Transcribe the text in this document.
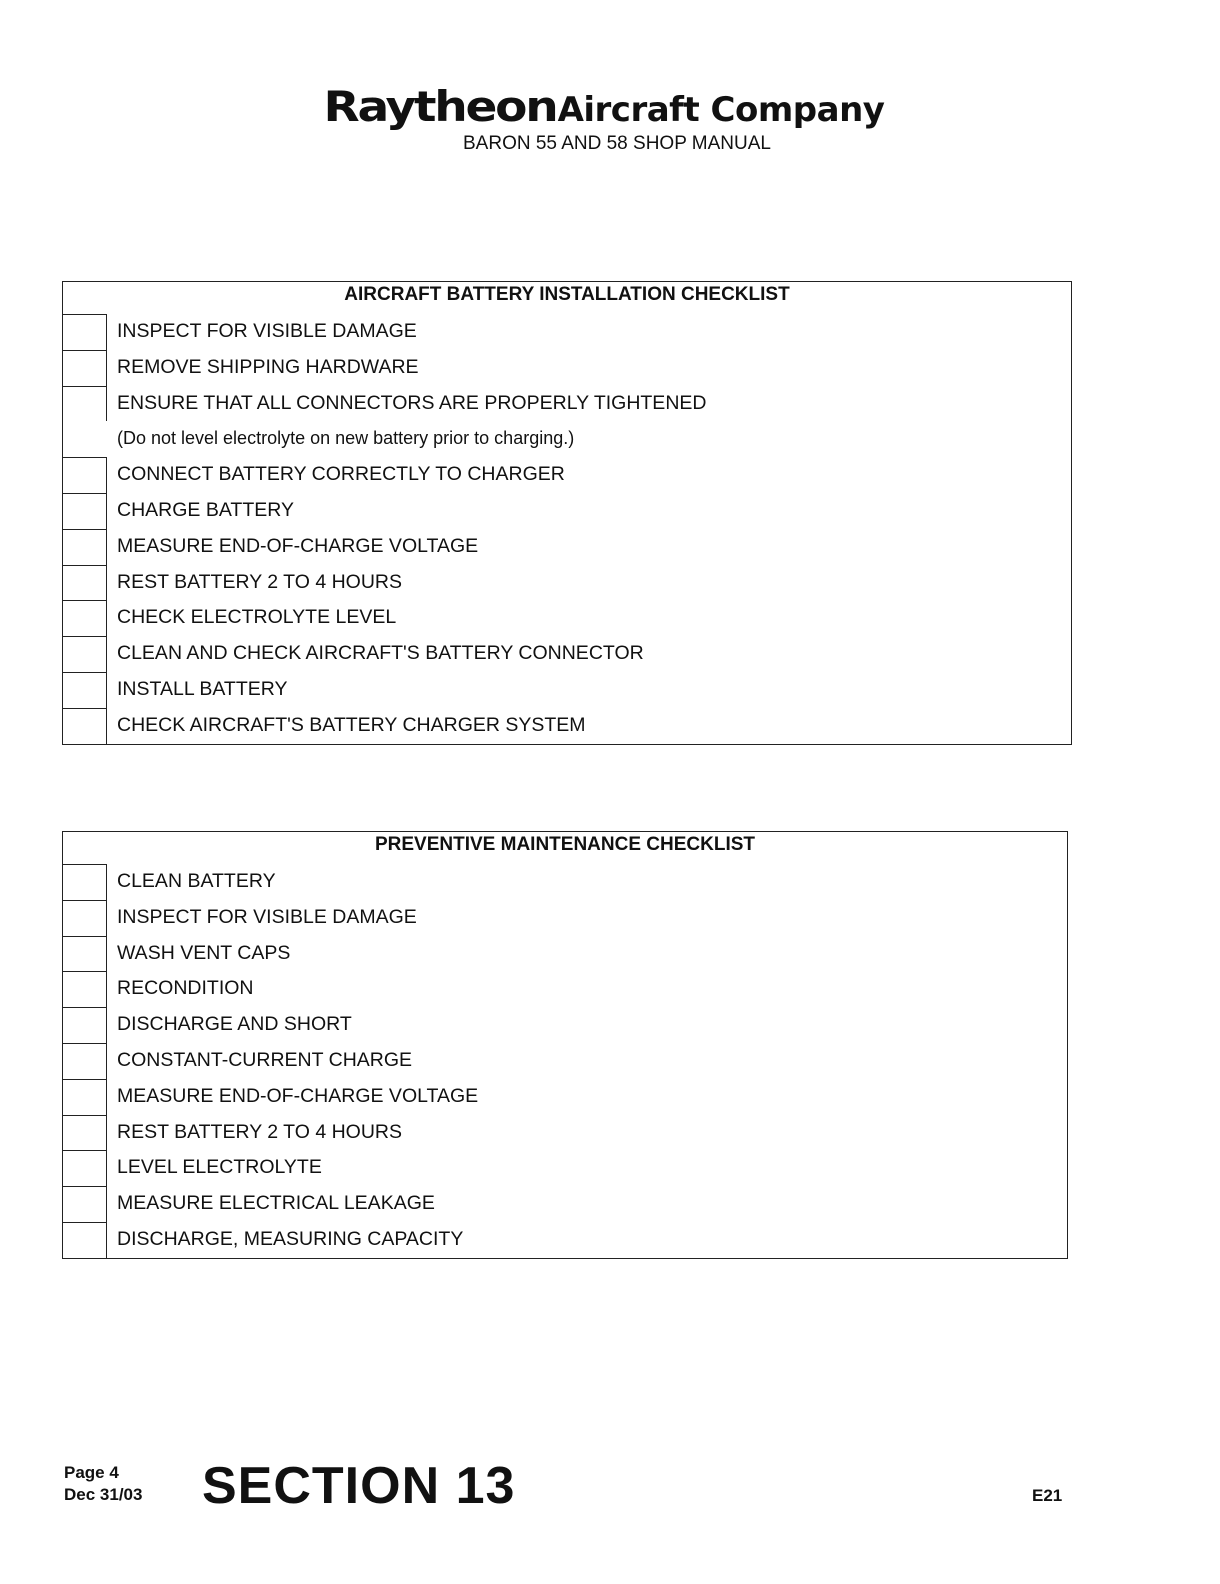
Raytheon Aircraft Company
BARON 55 AND 58 SHOP MANUAL
AIRCRAFT BATTERY INSTALLATION CHECKLIST
INSPECT FOR VISIBLE DAMAGE
REMOVE SHIPPING HARDWARE
ENSURE THAT ALL CONNECTORS ARE PROPERLY TIGHTENED
(Do not level electrolyte on new battery prior to charging.)
CONNECT BATTERY CORRECTLY TO CHARGER
CHARGE BATTERY
MEASURE END-OF-CHARGE VOLTAGE
REST BATTERY 2 TO 4 HOURS
CHECK ELECTROLYTE LEVEL
CLEAN AND CHECK AIRCRAFT'S BATTERY CONNECTOR
INSTALL BATTERY
CHECK AIRCRAFT'S BATTERY CHARGER SYSTEM
PREVENTIVE MAINTENANCE CHECKLIST
CLEAN BATTERY
INSPECT FOR VISIBLE DAMAGE
WASH VENT CAPS
RECONDITION
DISCHARGE AND SHORT
CONSTANT-CURRENT CHARGE
MEASURE END-OF-CHARGE VOLTAGE
REST BATTERY 2 TO 4 HOURS
LEVEL ELECTROLYTE
MEASURE ELECTRICAL LEAKAGE
DISCHARGE, MEASURING CAPACITY
Page 4
Dec 31/03 SECTION 13	E21
